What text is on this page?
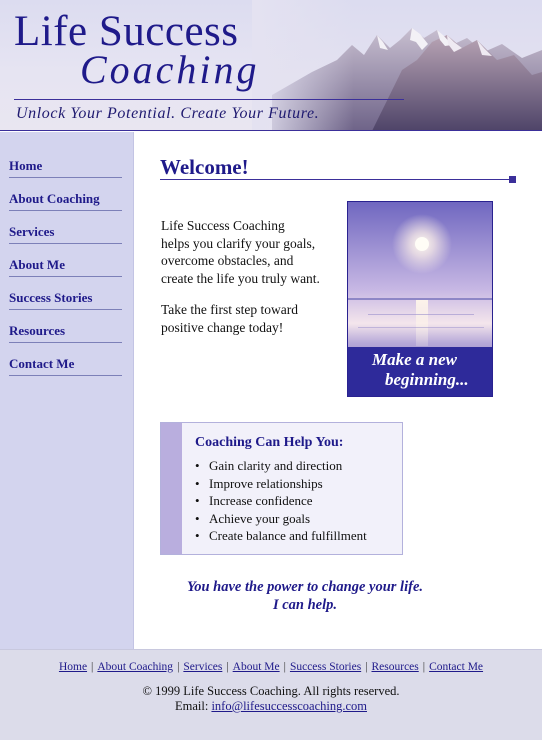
Life Success
Coaching
Unlock Your Potential. Create Your Future.
Home
About Coaching
Services
About Me
Success Stories
Resources
Contact Me
Welcome!
Life Success Coaching
helps you clarify your goals,
overcome obstacles, and
create the life you truly want.
Take the first step toward
positive change today!
Make a new
beginning...
Coaching Can Help You:
• Gain clarity and direction
• Improve relationships
• Increase confidence
• Achieve your goals
• Create balance and fulfillment
You have the power to change your life.
I can help.
Home | About Coaching | Services | About Me | Success Stories | Resources | Contact Me
© 1999 Life Success Coaching. All rights reserved.
Email: info@lifesuccesscoaching.com
